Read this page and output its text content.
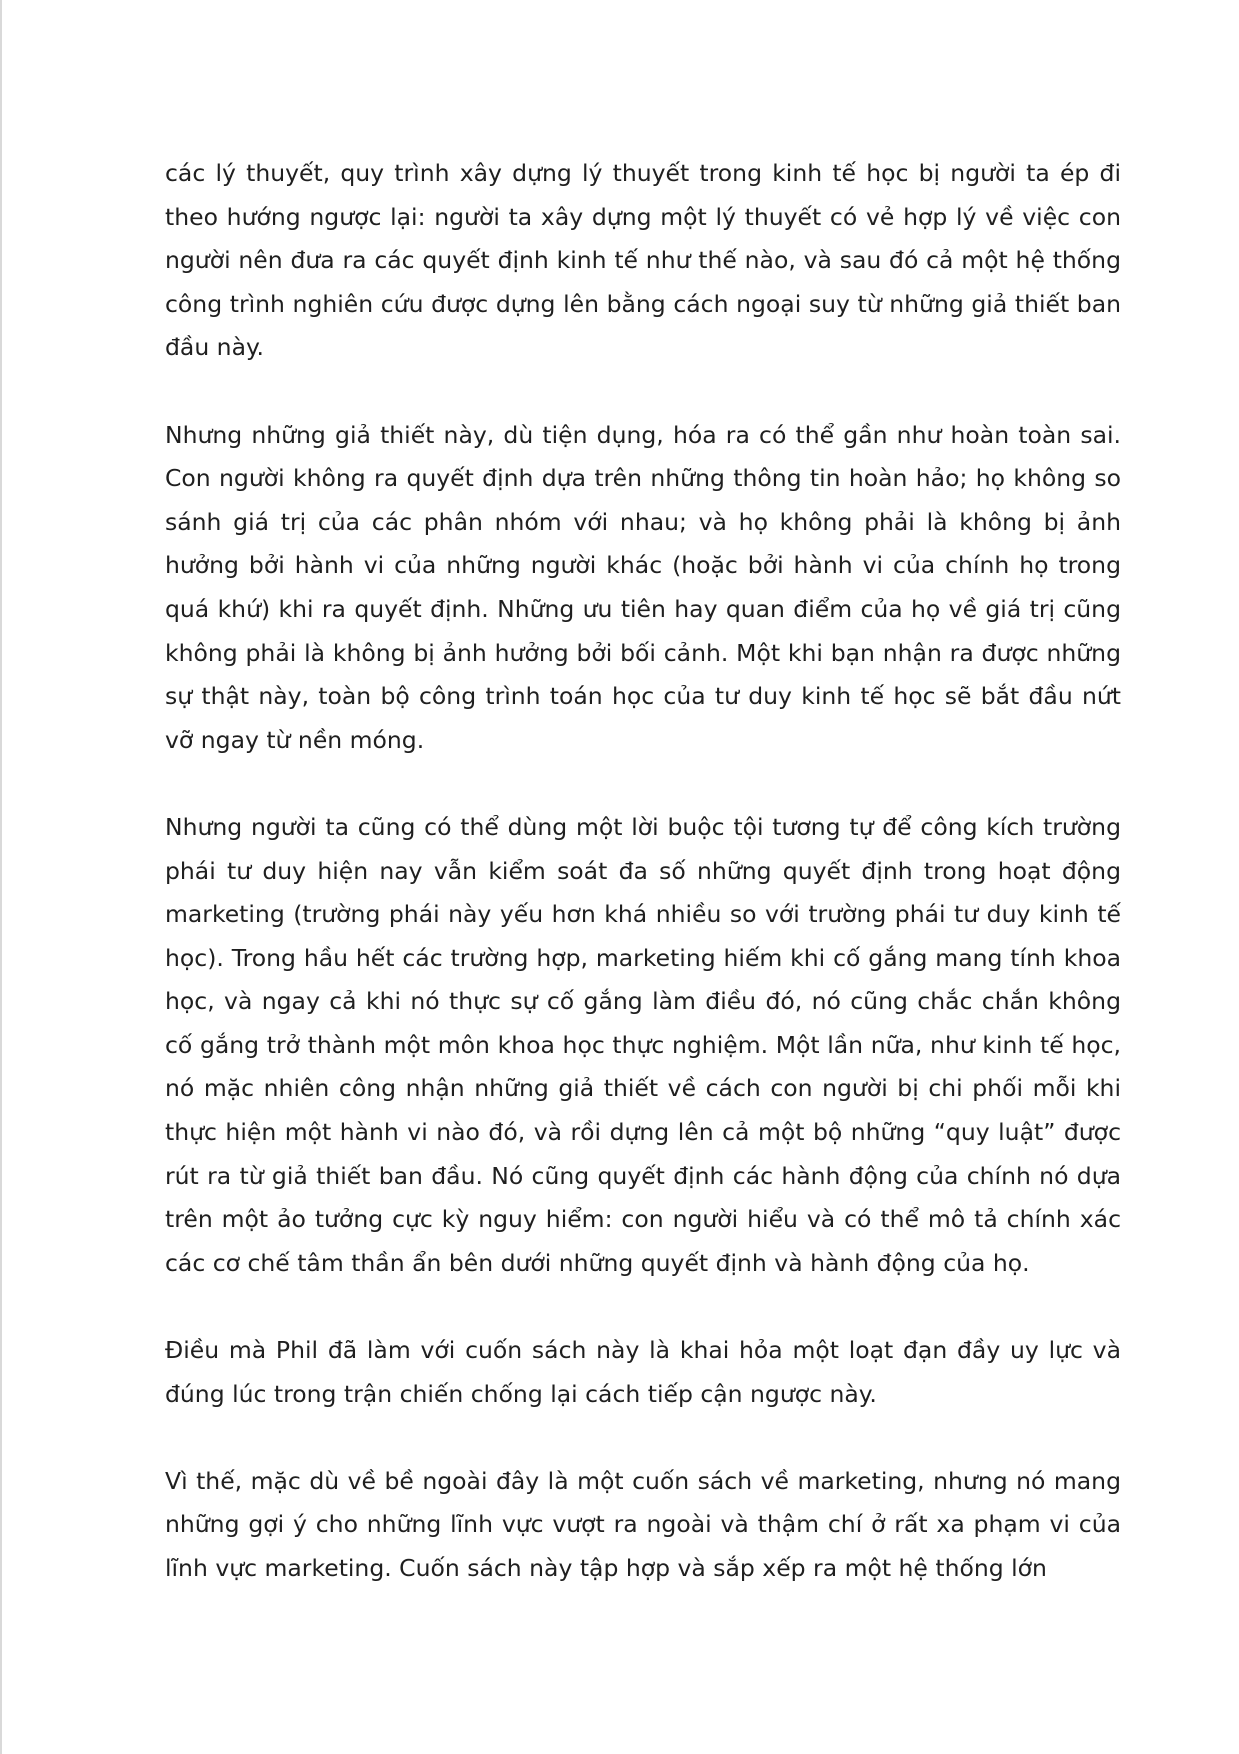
các lý thuyết, quy trình xây dựng lý thuyết trong kinh tế học bị người ta ép đi theo hướng ngược lại: người ta xây dựng một lý thuyết có vẻ hợp lý về việc con người nên đưa ra các quyết định kinh tế như thế nào, và sau đó cả một hệ thống công trình nghiên cứu được dựng lên bằng cách ngoại suy từ những giả thiết ban đầu này.

Nhưng những giả thiết này, dù tiện dụng, hóa ra có thể gần như hoàn toàn sai. Con người không ra quyết định dựa trên những thông tin hoàn hảo; họ không so sánh giá trị của các phân nhóm với nhau; và họ không phải là không bị ảnh hưởng bởi hành vi của những người khác (hoặc bởi hành vi của chính họ trong quá khứ) khi ra quyết định. Những ưu tiên hay quan điểm của họ về giá trị cũng không phải là không bị ảnh hưởng bởi bối cảnh. Một khi bạn nhận ra được những sự thật này, toàn bộ công trình toán học của tư duy kinh tế học sẽ bắt đầu nứt vỡ ngay từ nền móng.

Nhưng người ta cũng có thể dùng một lời buộc tội tương tự để công kích trường phái tư duy hiện nay vẫn kiểm soát đa số những quyết định trong hoạt động marketing (trường phái này yếu hơn khá nhiều so với trường phái tư duy kinh tế học). Trong hầu hết các trường hợp, marketing hiếm khi cố gắng mang tính khoa học, và ngay cả khi nó thực sự cố gắng làm điều đó, nó cũng chắc chắn không cố gắng trở thành một môn khoa học thực nghiệm. Một lần nữa, như kinh tế học, nó mặc nhiên công nhận những giả thiết về cách con người bị chi phối mỗi khi thực hiện một hành vi nào đó, và rồi dựng lên cả một bộ những “quy luật” được rút ra từ giả thiết ban đầu. Nó cũng quyết định các hành động của chính nó dựa trên một ảo tưởng cực kỳ nguy hiểm: con người hiểu và có thể mô tả chính xác các cơ chế tâm thần ẩn bên dưới những quyết định và hành động của họ.

Điều mà Phil đã làm với cuốn sách này là khai hỏa một loạt đạn đầy uy lực và đúng lúc trong trận chiến chống lại cách tiếp cận ngược này.

Vì thế, mặc dù về bề ngoài đây là một cuốn sách về marketing, nhưng nó mang những gợi ý cho những lĩnh vực vượt ra ngoài và thậm chí ở rất xa phạm vi của lĩnh vực marketing. Cuốn sách này tập hợp và sắp xếp ra một hệ thống lớn
